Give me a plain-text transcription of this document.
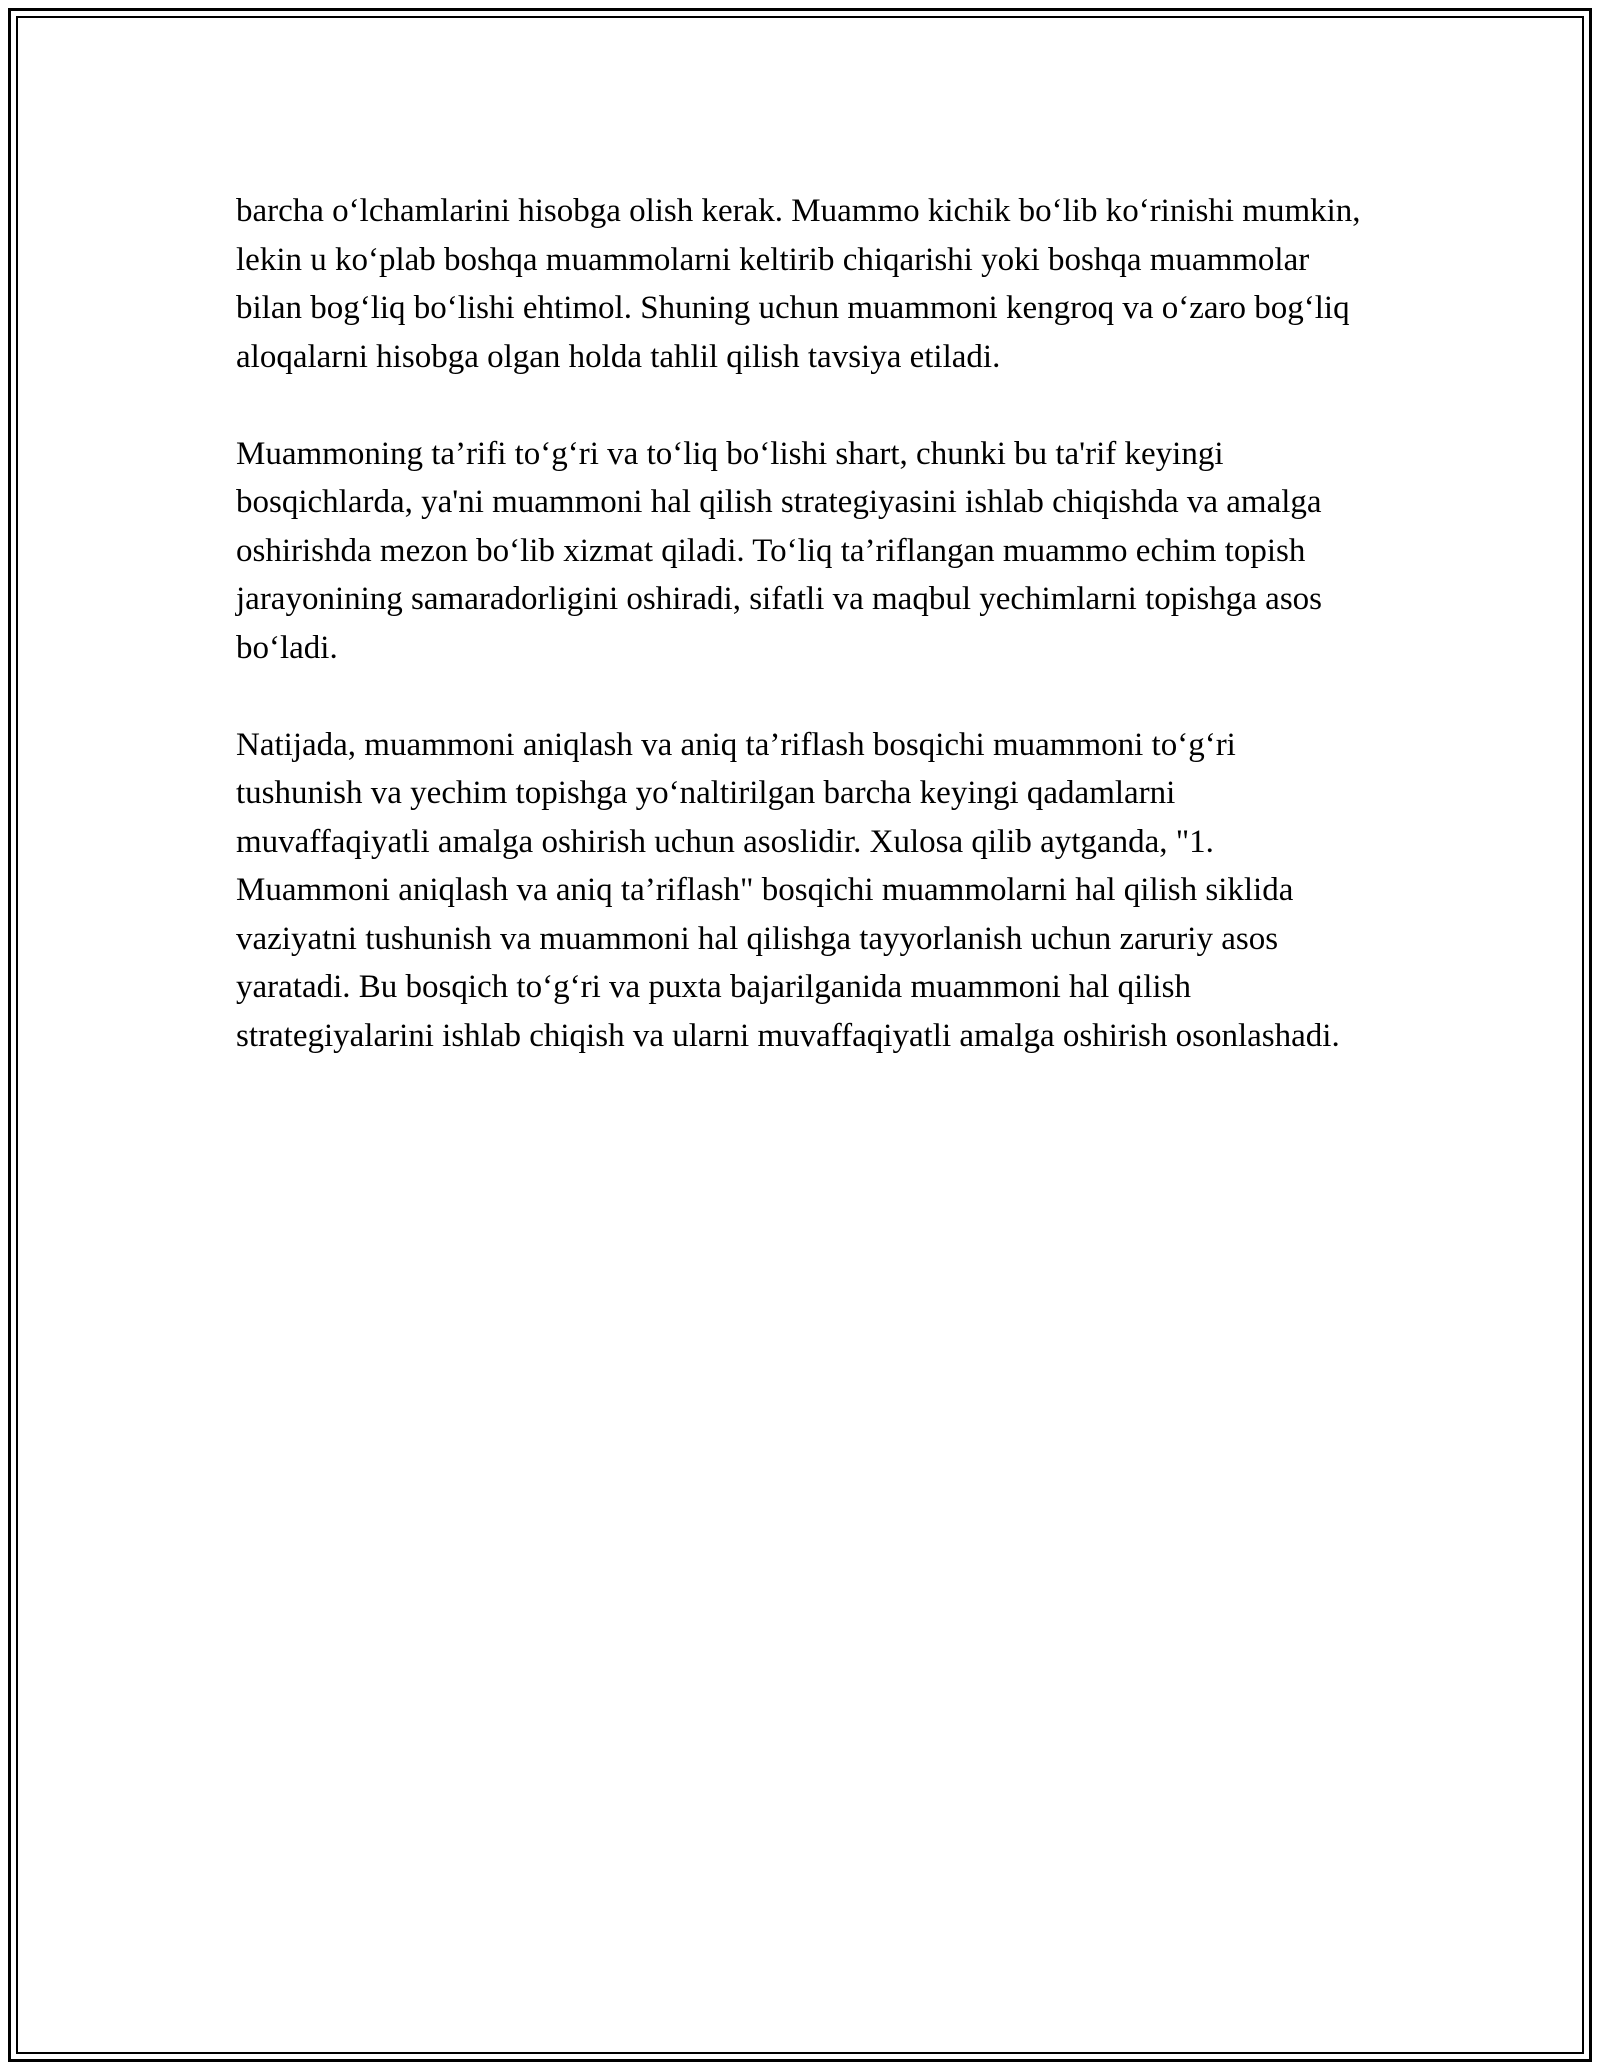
barcha o‘lchamlarini hisobga olish kerak. Muammo kichik bo‘lib ko‘rinishi mumkin, lekin u ko‘plab boshqa muammolarni keltirib chiqarishi yoki boshqa muammolar bilan bog‘liq bo‘lishi ehtimol. Shuning uchun muammoni kengroq va o‘zaro bog‘liq aloqalarni hisobga olgan holda tahlil qilish tavsiya etiladi.

Muammoning ta’rifi to‘g‘ri va to‘liq bo‘lishi shart, chunki bu ta'rif keyingi bosqichlarda, ya'ni muammoni hal qilish strategiyasini ishlab chiqishda va amalga oshirishda mezon bo‘lib xizmat qiladi. To‘liq ta’riflangan muammo echim topish jarayonining samaradorligini oshiradi, sifatli va maqbul yechimlarni topishga asos bo‘ladi.

Natijada, muammoni aniqlash va aniq ta’riflash bosqichi muammoni to‘g‘ri tushunish va yechim topishga yo‘naltirilgan barcha keyingi qadamlarni muvaffaqiyatli amalga oshirish uchun asoslidir. Xulosa qilib aytganda, "1. Muammoni aniqlash va aniq ta’riflash" bosqichi muammolarni hal qilish siklida vaziyatni tushunish va muammoni hal qilishga tayyorlanish uchun zaruriy asos yaratadi. Bu bosqich to‘g‘ri va puxta bajarilganida muammoni hal qilish strategiyalarini ishlab chiqish va ularni muvaffaqiyatli amalga oshirish osonlashadi.
